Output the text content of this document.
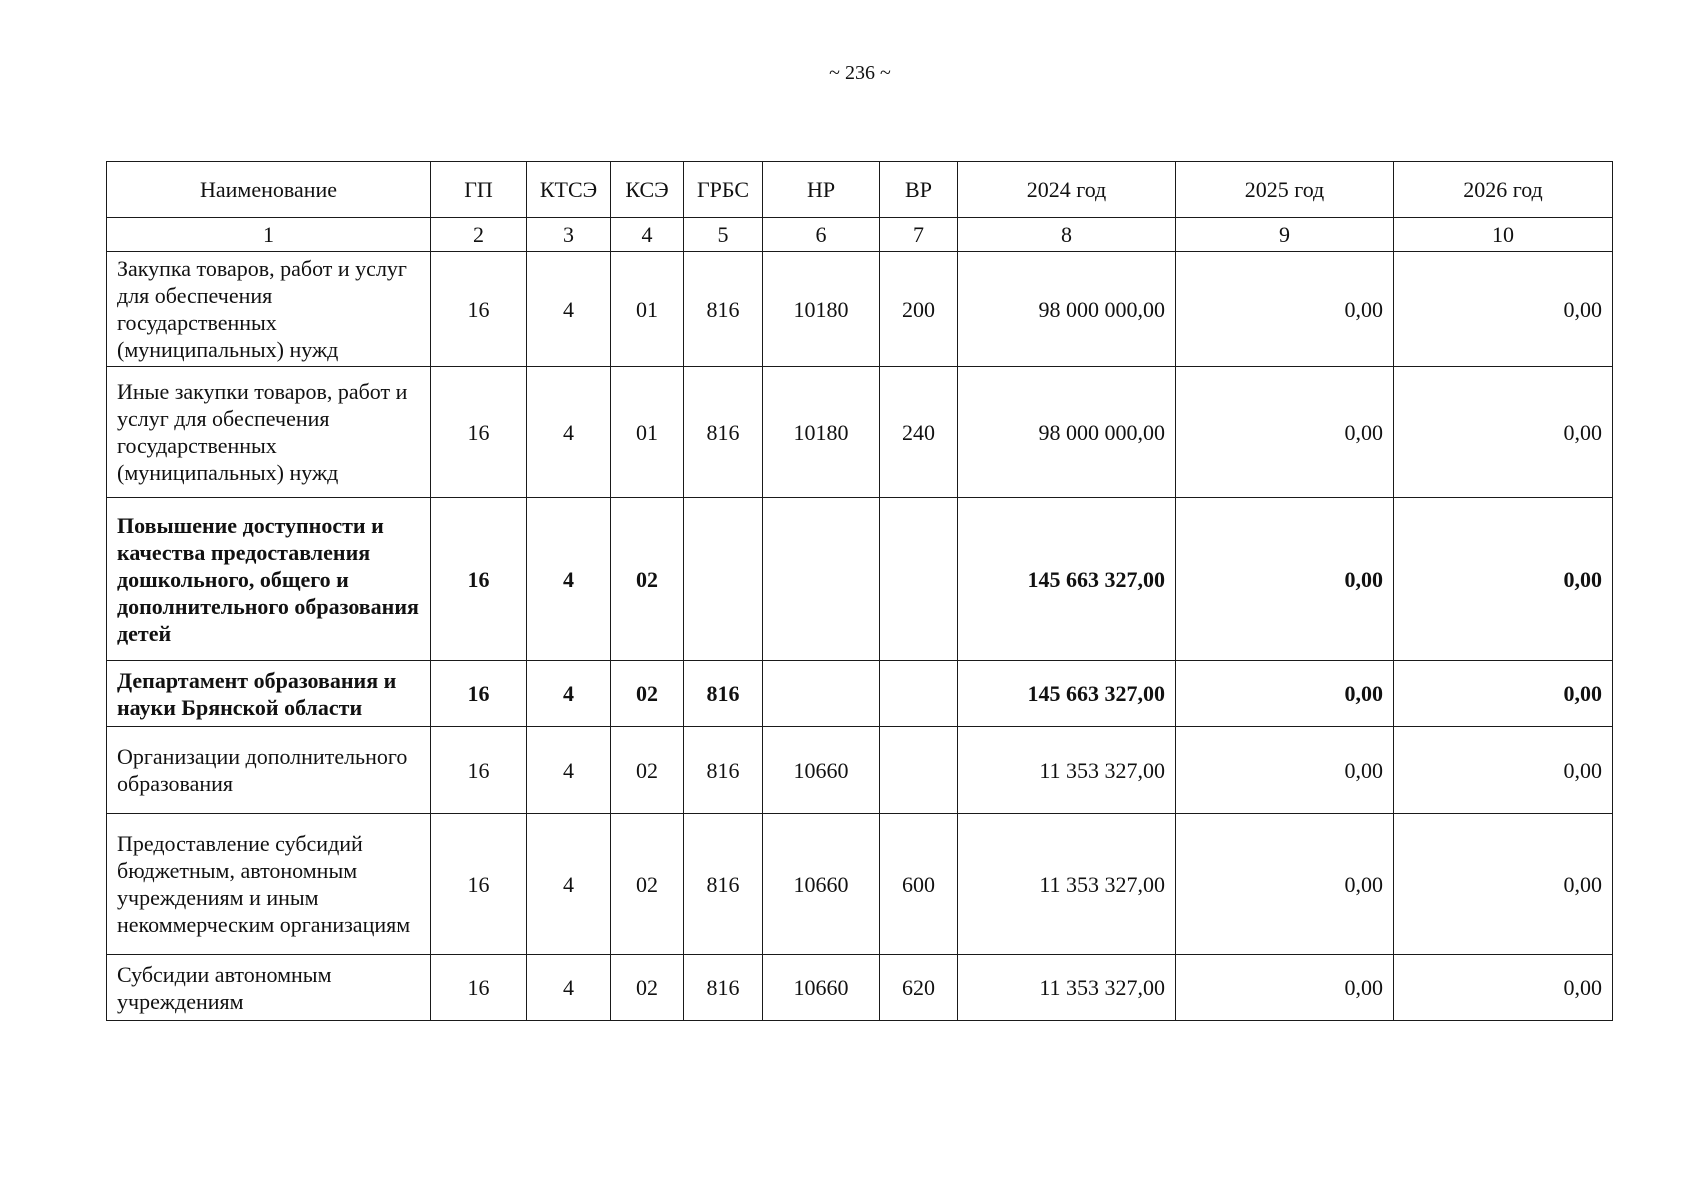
~ 236 ~
Наименование	ГП	КТСЭ	КСЭ	ГРБС	НР	ВР	2024 год	2025 год	2026 год
1	2	3	4	5	6	7	8	9	10
Закупка товаров, работ и услуг для обеспечения государственных (муниципальных) нужд	16	4	01	816	10180	200	98 000 000,00	0,00	0,00
Иные закупки товаров, работ и услуг для обеспечения государственных (муниципальных) нужд	16	4	01	816	10180	240	98 000 000,00	0,00	0,00
Повышение доступности и качества предоставления дошкольного, общего и дополнительного образования детей	16	4	02				145 663 327,00	0,00	0,00
Департамент образования и науки Брянской области	16	4	02	816			145 663 327,00	0,00	0,00
Организации дополнительного образования	16	4	02	816	10660		11 353 327,00	0,00	0,00
Предоставление субсидий бюджетным, автономным учреждениям и иным некоммерческим организациям	16	4	02	816	10660	600	11 353 327,00	0,00	0,00
Субсидии автономным учреждениям	16	4	02	816	10660	620	11 353 327,00	0,00	0,00
